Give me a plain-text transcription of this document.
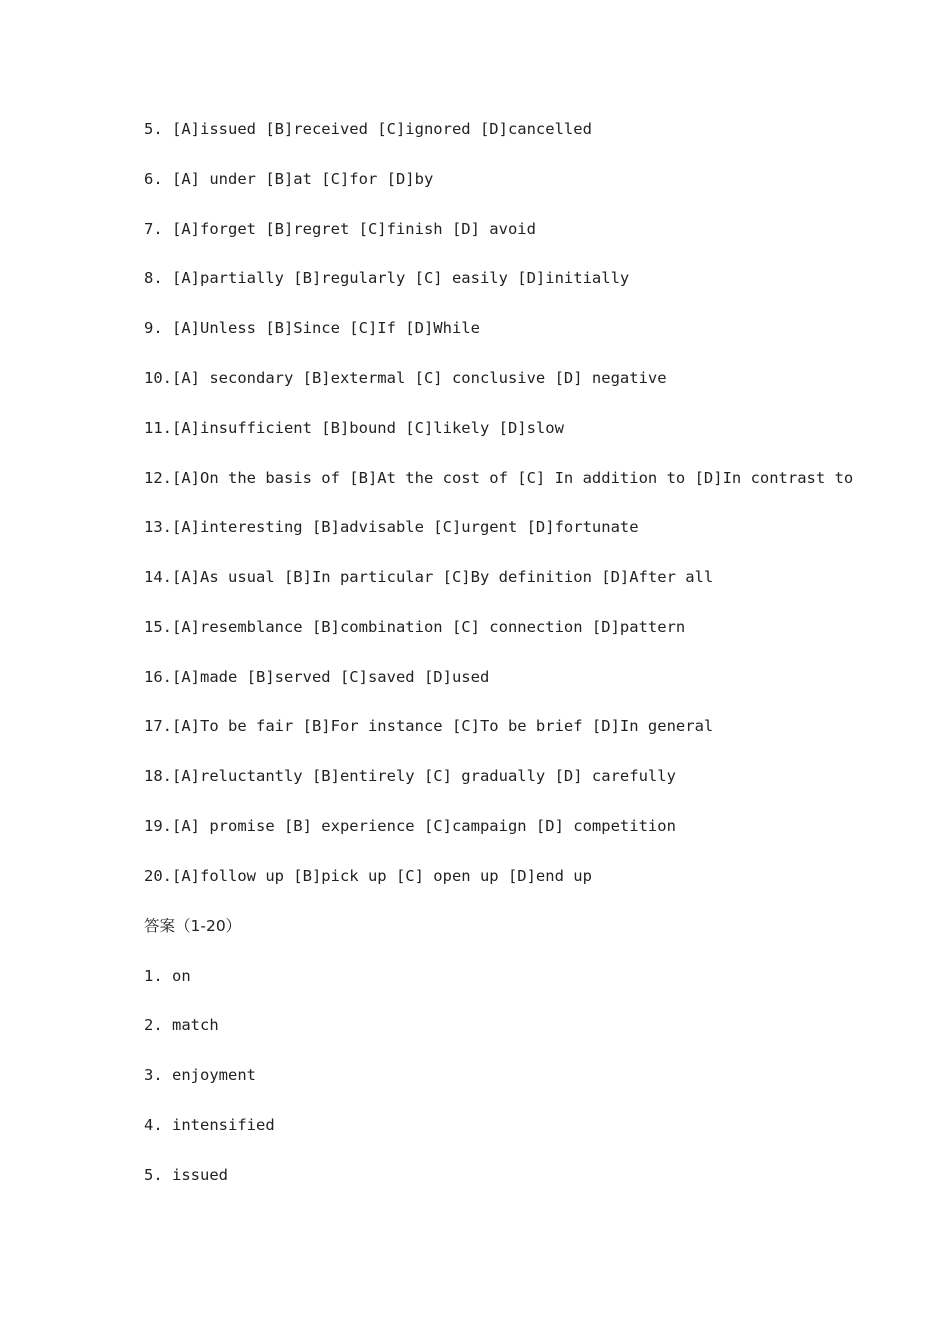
5. [A]issued [B]received [C]ignored [D]cancelled
6. [A] under [B]at [C]for [D]by
7. [A]forget [B]regret [C]finish [D] avoid
8. [A]partially [B]regularly [C] easily [D]initially
9. [A]Unless [B]Since [C]If [D]While
10.[A] secondary [B]extermal [C] conclusive [D] negative
11.[A]insufficient [B]bound [C]likely [D]slow
12.[A]On the basis of [B]At the cost of [C] In addition to [D]In contrast to
13.[A]interesting [B]advisable [C]urgent [D]fortunate
14.[A]As usual [B]In particular [C]By definition [D]After all
15.[A]resemblance [B]combination [C] connection [D]pattern
16.[A]made [B]served [C]saved [D]used
17.[A]To be fair [B]For instance [C]To be brief [D]In general
18.[A]reluctantly [B]entirely [C] gradually [D] carefully
19.[A] promise [B] experience [C]campaign [D] competition
20.[A]follow up [B]pick up [C] open up [D]end up
答案（1-20）
1. on
2. match
3. enjoyment
4. intensified
5. issued
